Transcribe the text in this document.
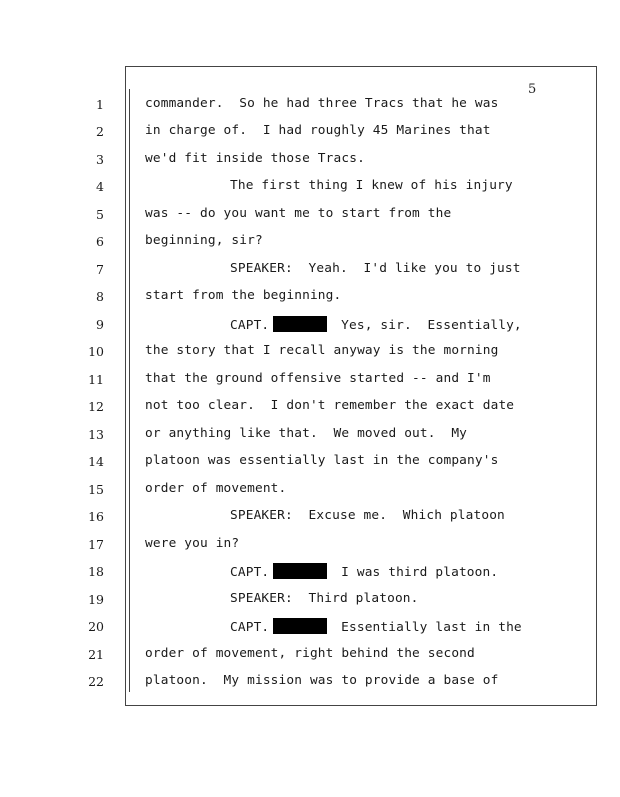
5
1	commander.  So he had three Tracs that he was
2	in charge of.  I had roughly 45 Marines that
3	we'd fit inside those Tracs.
4	The first thing I knew of his injury
5	was -- do you want me to start from the
6	beginning, sir?
7	SPEAKER:  Yeah.  I'd like you to just
8	start from the beginning.
9	CAPT.	Yes, sir.  Essentially,
10	the story that I recall anyway is the morning
11	that the ground offensive started -- and I'm
12	not too clear.  I don't remember the exact date
13	or anything like that.  We moved out.  My
14	platoon was essentially last in the company's
15	order of movement.
16	SPEAKER:  Excuse me.  Which platoon
17	were you in?
18	CAPT.	I was third platoon.
19	SPEAKER:  Third platoon.
20	CAPT.	Essentially last in the
21	order of movement, right behind the second
22	platoon.  My mission was to provide a base of
